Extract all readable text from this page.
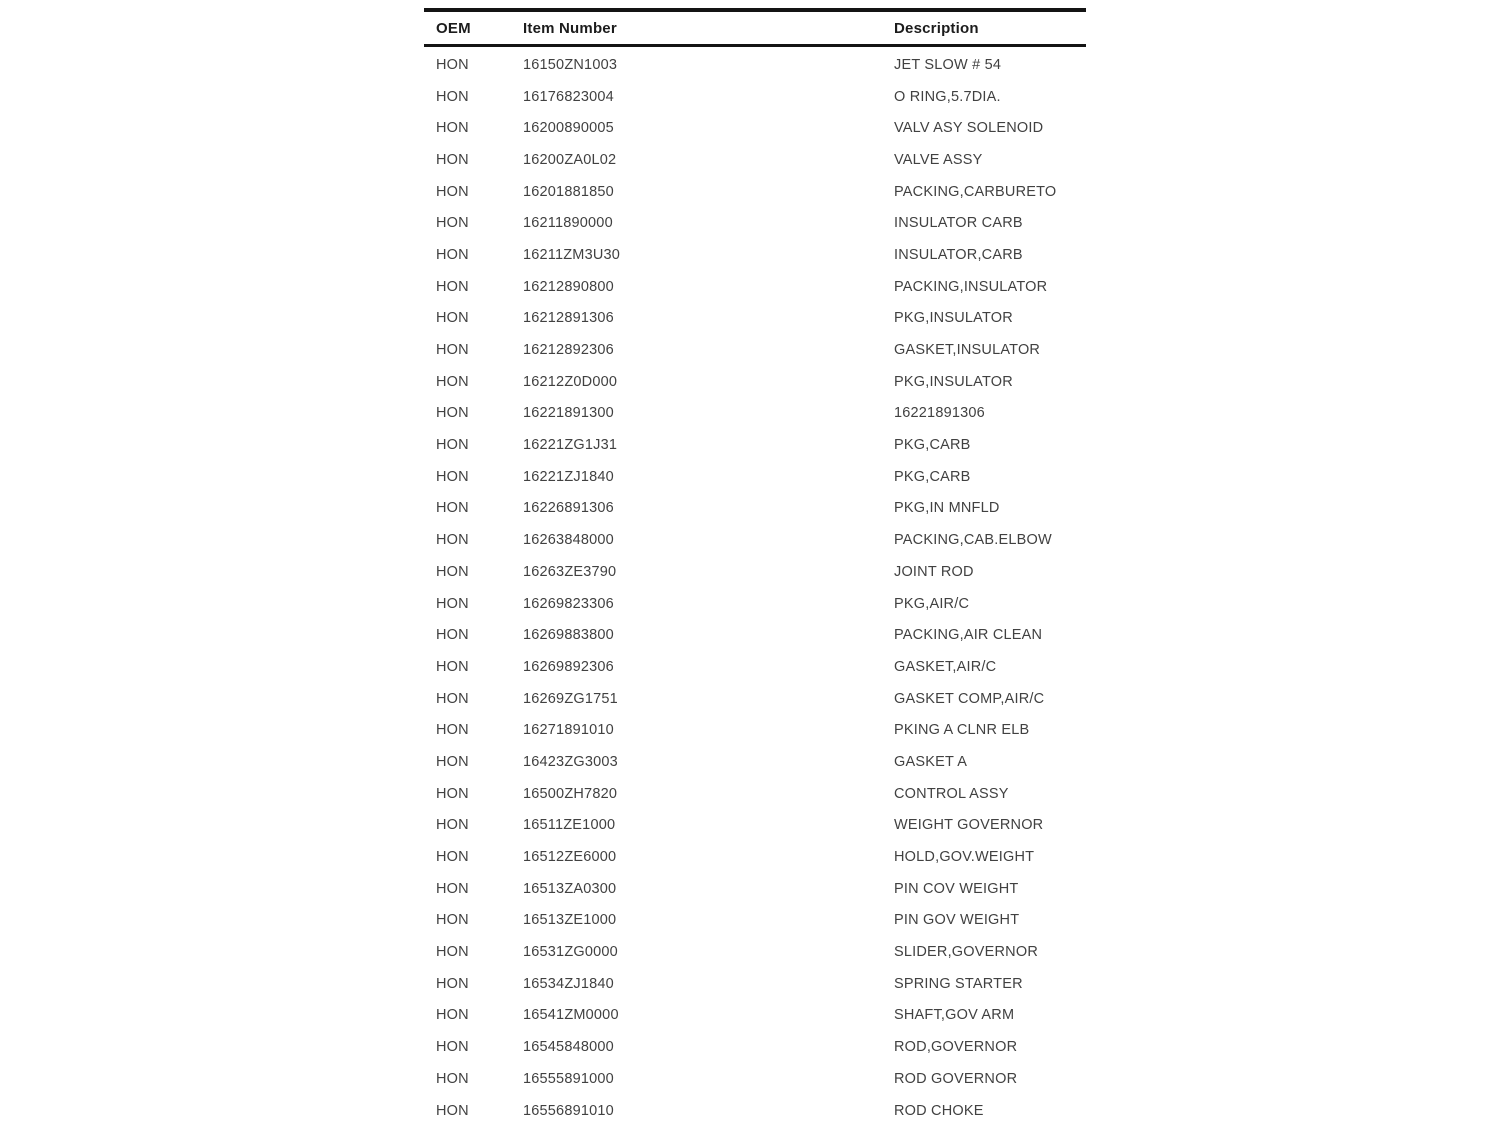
OEM	Item Number	Description
HON	16150ZN1003	JET SLOW # 54
HON	16176823004	O RING,5.7DIA.
HON	16200890005	VALV ASY SOLENOID
HON	16200ZA0L02	VALVE ASSY
HON	16201881850	PACKING,CARBURETO
HON	16211890000	INSULATOR CARB
HON	16211ZM3U30	INSULATOR,CARB
HON	16212890800	PACKING,INSULATOR
HON	16212891306	PKG,INSULATOR
HON	16212892306	GASKET,INSULATOR
HON	16212Z0D000	PKG,INSULATOR
HON	16221891300	16221891306
HON	16221ZG1J31	PKG,CARB
HON	16221ZJ1840	PKG,CARB
HON	16226891306	PKG,IN MNFLD
HON	16263848000	PACKING,CAB.ELBOW
HON	16263ZE3790	JOINT ROD
HON	16269823306	PKG,AIR/C
HON	16269883800	PACKING,AIR CLEAN
HON	16269892306	GASKET,AIR/C
HON	16269ZG1751	GASKET COMP,AIR/C
HON	16271891010	PKING A CLNR ELB
HON	16423ZG3003	GASKET A
HON	16500ZH7820	CONTROL ASSY
HON	16511ZE1000	WEIGHT GOVERNOR
HON	16512ZE6000	HOLD,GOV.WEIGHT
HON	16513ZA0300	PIN COV WEIGHT
HON	16513ZE1000	PIN GOV WEIGHT
HON	16531ZG0000	SLIDER,GOVERNOR
HON	16534ZJ1840	SPRING STARTER
HON	16541ZM0000	SHAFT,GOV ARM
HON	16545848000	ROD,GOVERNOR
HON	16555891000	ROD GOVERNOR
HON	16556891010	ROD CHOKE
